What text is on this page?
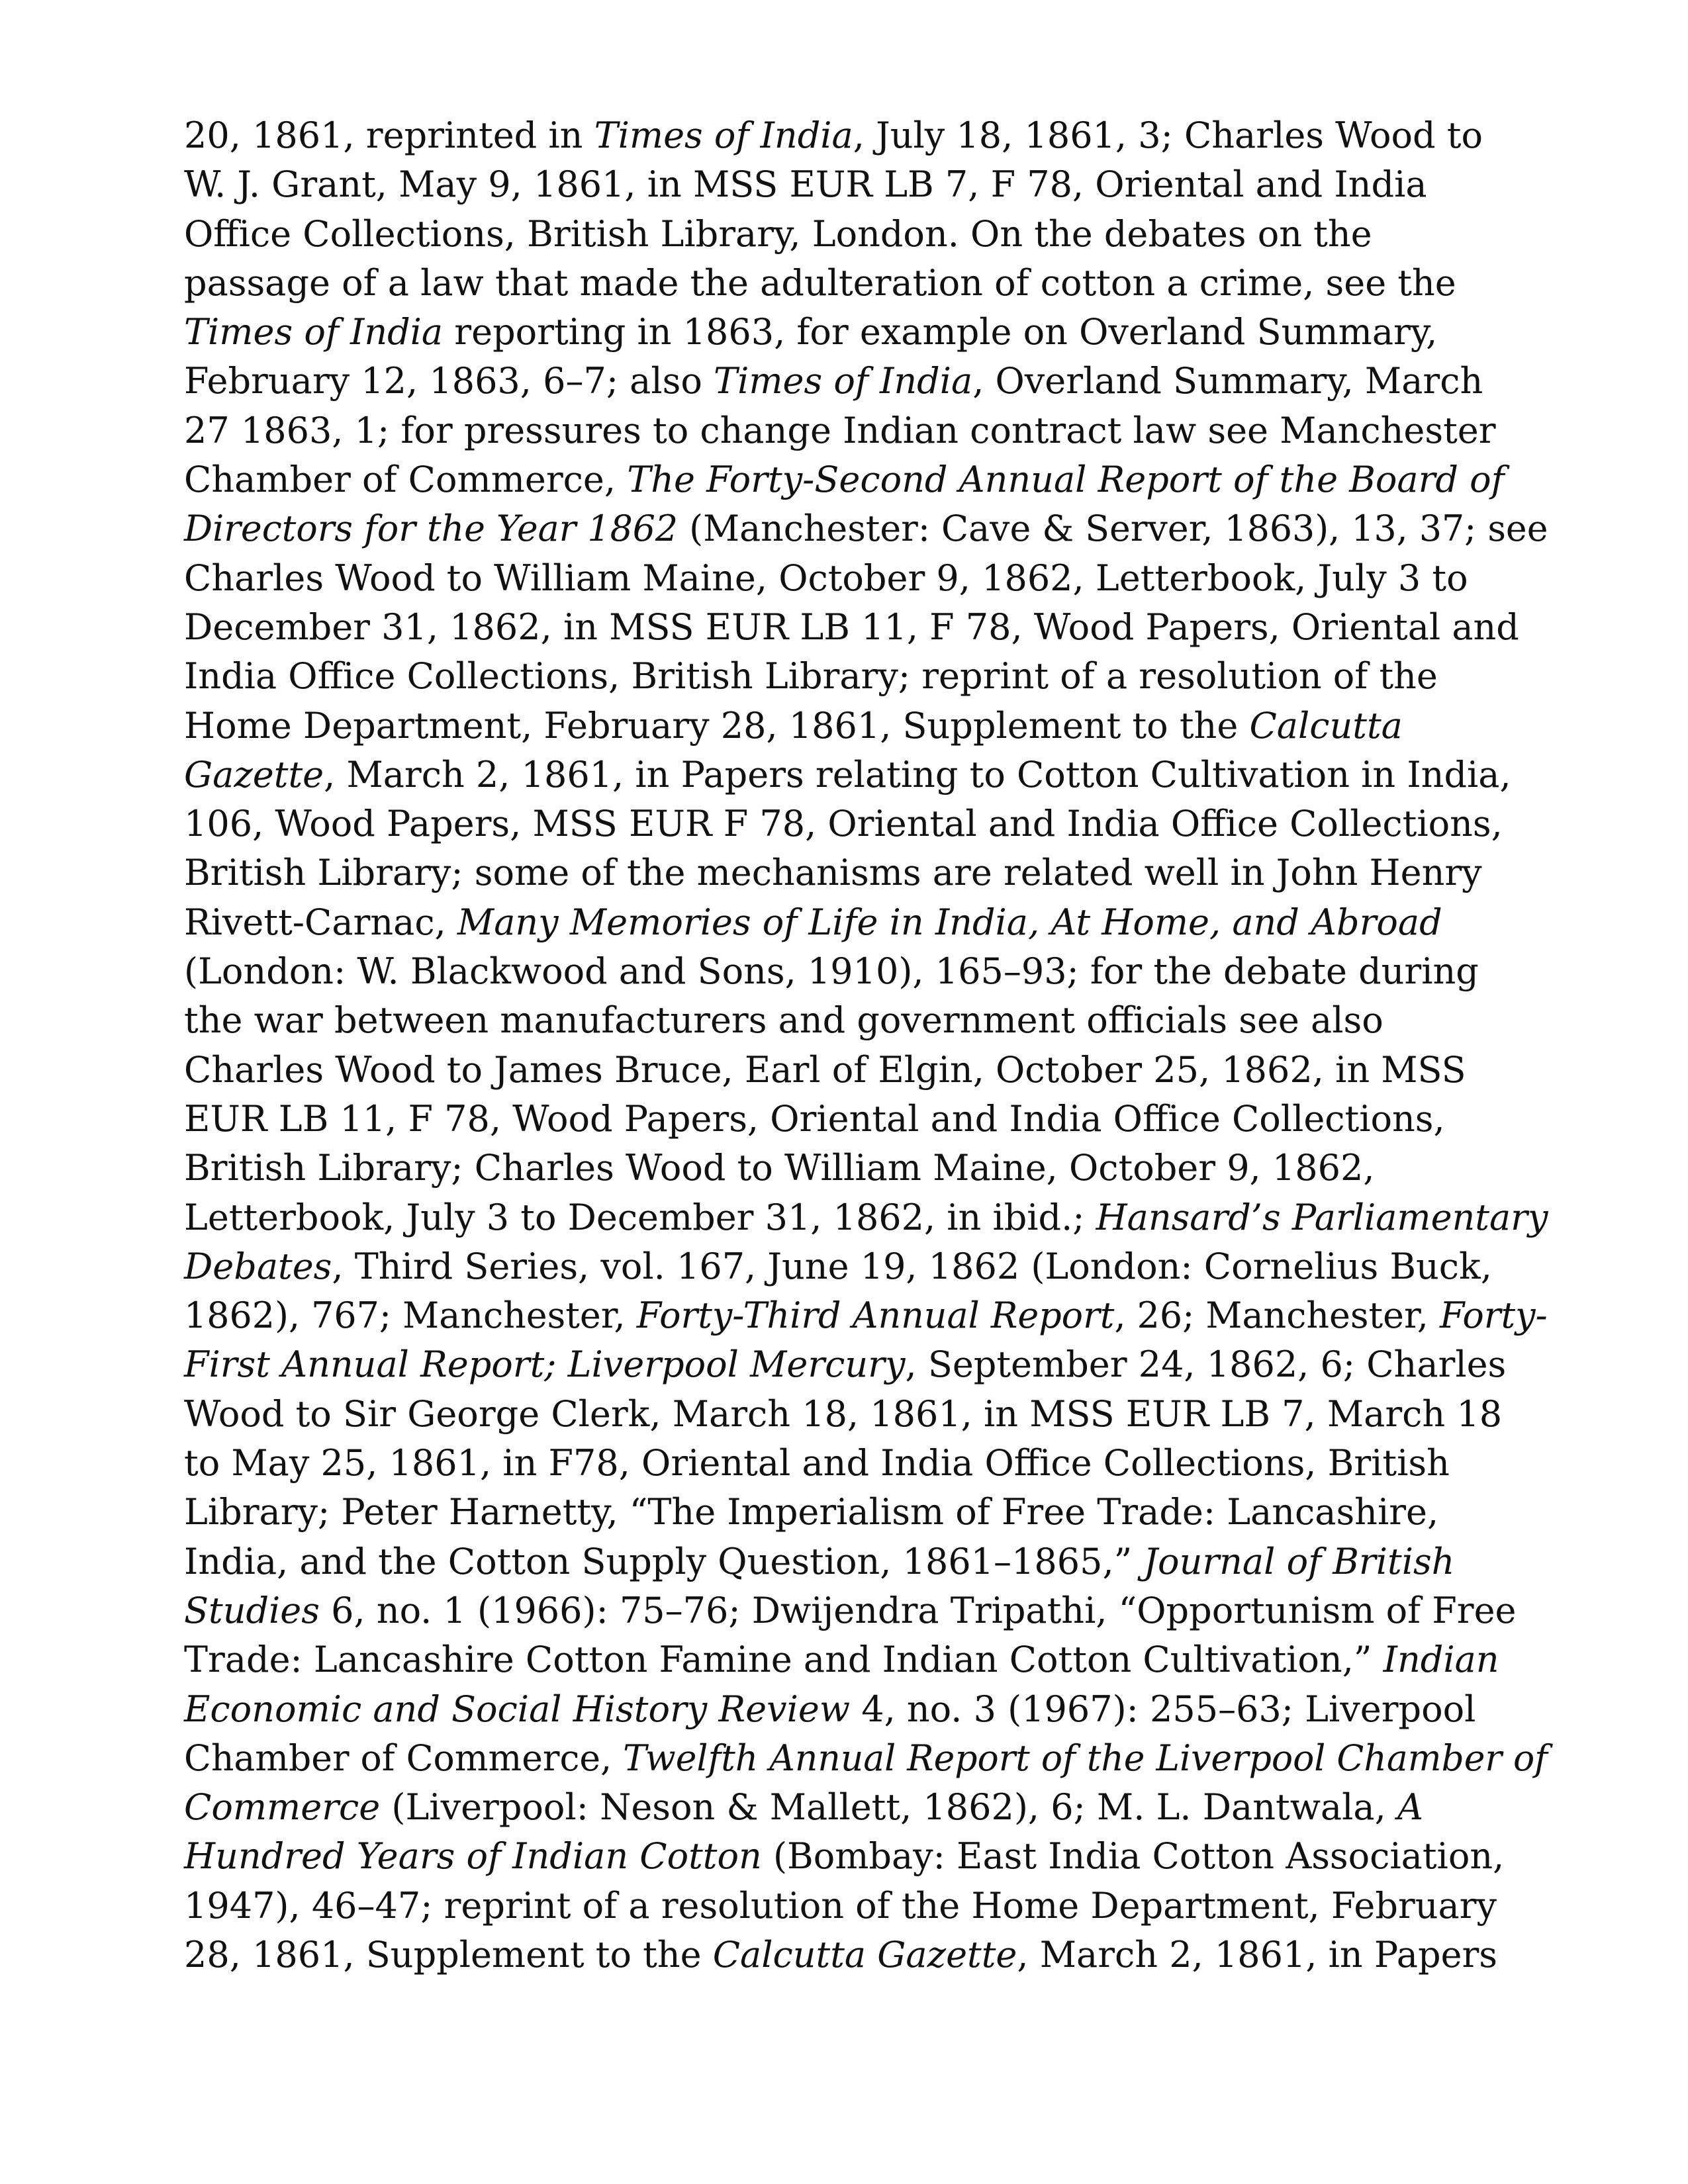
20, 1861, reprinted in Times of India, July 18, 1861, 3; Charles Wood to
W. J. Grant, May 9, 1861, in MSS EUR LB 7, F 78, Oriental and India
Office Collections, British Library, London. On the debates on the
passage of a law that made the adulteration of cotton a crime, see the
Times of India reporting in 1863, for example on Overland Summary,
February 12, 1863, 6–7; also Times of India, Overland Summary, March
27 1863, 1; for pressures to change Indian contract law see Manchester
Chamber of Commerce, The Forty-Second Annual Report of the Board of
Directors for the Year 1862 (Manchester: Cave & Server, 1863), 13, 37; see
Charles Wood to William Maine, October 9, 1862, Letterbook, July 3 to
December 31, 1862, in MSS EUR LB 11, F 78, Wood Papers, Oriental and
India Office Collections, British Library; reprint of a resolution of the
Home Department, February 28, 1861, Supplement to the Calcutta
Gazette, March 2, 1861, in Papers relating to Cotton Cultivation in India,
106, Wood Papers, MSS EUR F 78, Oriental and India Office Collections,
British Library; some of the mechanisms are related well in John Henry
Rivett-Carnac, Many Memories of Life in India, At Home, and Abroad
(London: W. Blackwood and Sons, 1910), 165–93; for the debate during
the war between manufacturers and government officials see also
Charles Wood to James Bruce, Earl of Elgin, October 25, 1862, in MSS
EUR LB 11, F 78, Wood Papers, Oriental and India Office Collections,
British Library; Charles Wood to William Maine, October 9, 1862,
Letterbook, July 3 to December 31, 1862, in ibid.; Hansard’s Parliamentary
Debates, Third Series, vol. 167, June 19, 1862 (London: Cornelius Buck,
1862), 767; Manchester, Forty-Third Annual Report, 26; Manchester, Forty-
First Annual Report; Liverpool Mercury, September 24, 1862, 6; Charles
Wood to Sir George Clerk, March 18, 1861, in MSS EUR LB 7, March 18
to May 25, 1861, in F78, Oriental and India Office Collections, British
Library; Peter Harnetty, “The Imperialism of Free Trade: Lancashire,
India, and the Cotton Supply Question, 1861–1865,” Journal of British
Studies 6, no. 1 (1966): 75–76; Dwijendra Tripathi, “Opportunism of Free
Trade: Lancashire Cotton Famine and Indian Cotton Cultivation,” Indian
Economic and Social History Review 4, no. 3 (1967): 255–63; Liverpool
Chamber of Commerce, Twelfth Annual Report of the Liverpool Chamber of
Commerce (Liverpool: Neson & Mallett, 1862), 6; M. L. Dantwala, A
Hundred Years of Indian Cotton (Bombay: East India Cotton Association,
1947), 46–47; reprint of a resolution of the Home Department, February
28, 1861, Supplement to the Calcutta Gazette, March 2, 1861, in Papers
